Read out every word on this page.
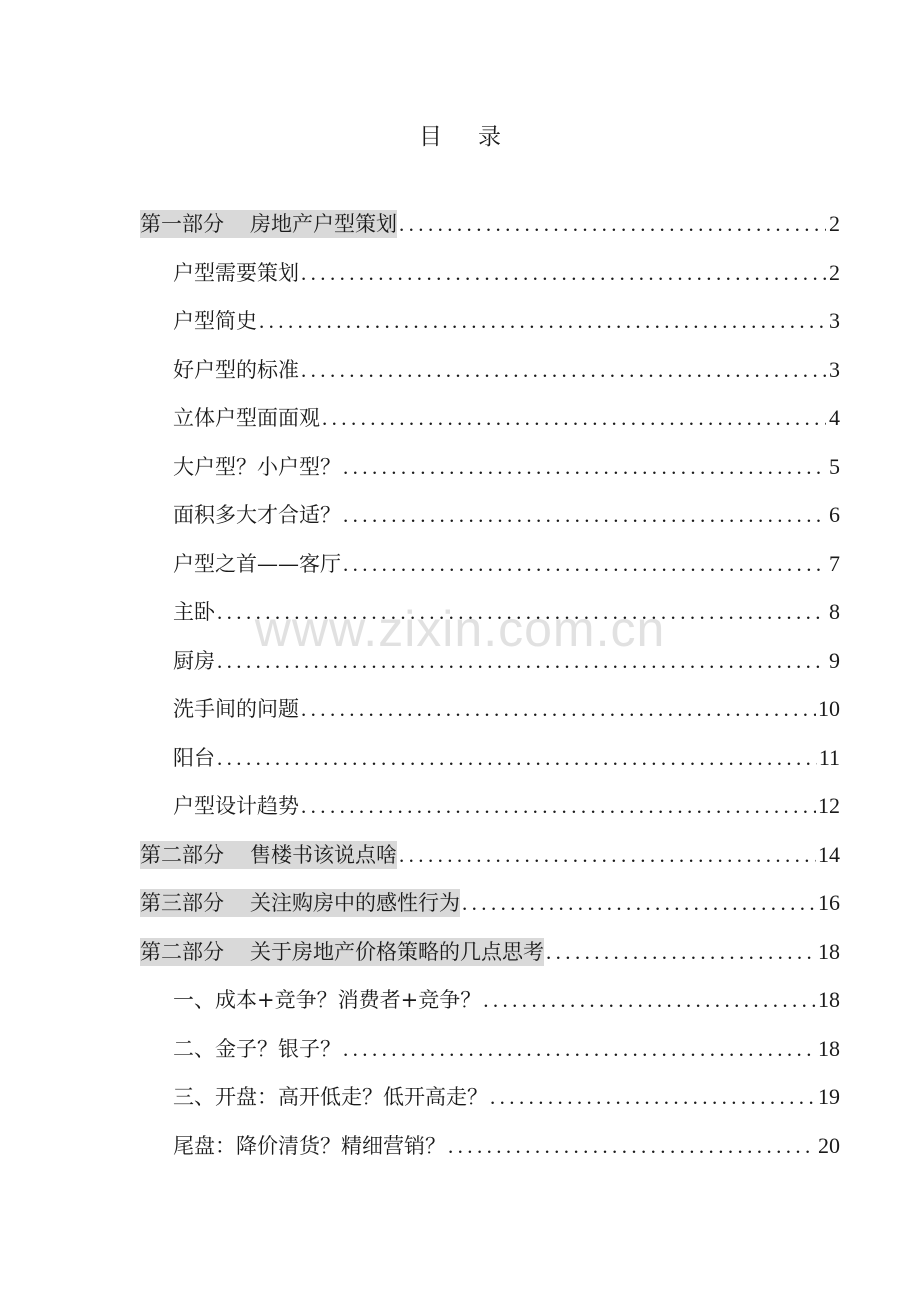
目 录
第一部分 房地产户型策划 .....	2
户型需要策划 .....	2
户型简史 .....	3
好户型的标准 .....	3
立体户型面面观 .....	4
大户型？小户型？ .....	5
面积多大才合适？ .....	6
户型之首——客厅 .....	7
主卧 .....	8
厨房 .....	9
洗手间的问题 .....	10
阳台 .....	11
户型设计趋势 .....	12
第二部分 售楼书该说点啥 .....	14
第三部分 关注购房中的感性行为 .....	16
第二部分 关于房地产价格策略的几点思考 .....	18
一、成本+竞争？消费者+竞争？ .....	18
二、金子？银子？ .....	18
三、开盘：高开低走？低开高走？ .....	19
尾盘：降价清货？精细营销？ .....	20
www.zixin.com.cn
